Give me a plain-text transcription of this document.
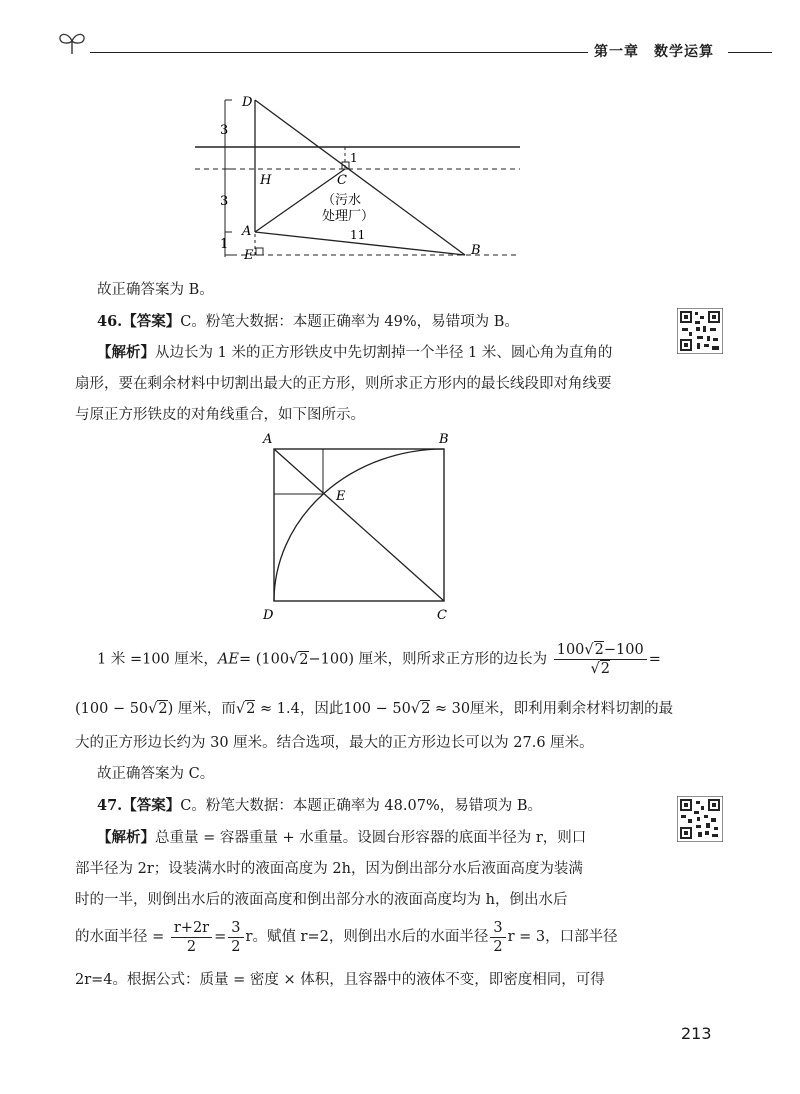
第一章　数学运算
D
H	C
A
E	B
3
3
1
1
11
（污水
处理厂）
故正确答案为 B。
46.【答案】C。粉笔大数据：本题正确率为 49%，易错项为 B。
【解析】从边长为 1 米的正方形铁皮中先切割掉一个半径 1 米、圆心角为直角的
扇形，要在剩余材料中切割出最大的正方形，则所求正方形内的最长线段即对角线要
与原正方形铁皮的对角线重合，如下图所示。
A	B
C
D
E
1 米 =100 厘米，AE= (100√2−100) 厘米，则所求正方形的边长为 $\frac{100√2-100}{√2}$ =
(100 − 50√2) 厘米，而√2 ≈ 1.4，因此100 − 50√2 ≈ 30厘米，即利用剩余材料切割的最
大的正方形边长约为 30 厘米。结合选项，最大的正方形边长可以为 27.6 厘米。
故正确答案为 C。
47.【答案】C。粉笔大数据：本题正确率为 48.07%，易错项为 B。
【解析】总重量 = 容器重量 + 水重量。设圆台形容器的底面半径为 r，则口
部半径为 2r；设装满水时的液面高度为 2h，因为倒出部分水后液面高度为装满
时的一半，则倒出水后的液面高度和倒出部分水的液面高度均为 h，倒出水后
的水面半径 = $\frac{r+2r}{2} = \frac{3}{2}$ r。赋值 r=2，则倒出水后的水面半径 $\frac{3}{2}$ r = 3，口部半径
2r=4。根据公式：质量 = 密度 × 体积，且容器中的液体不变，即密度相同，可得
213
